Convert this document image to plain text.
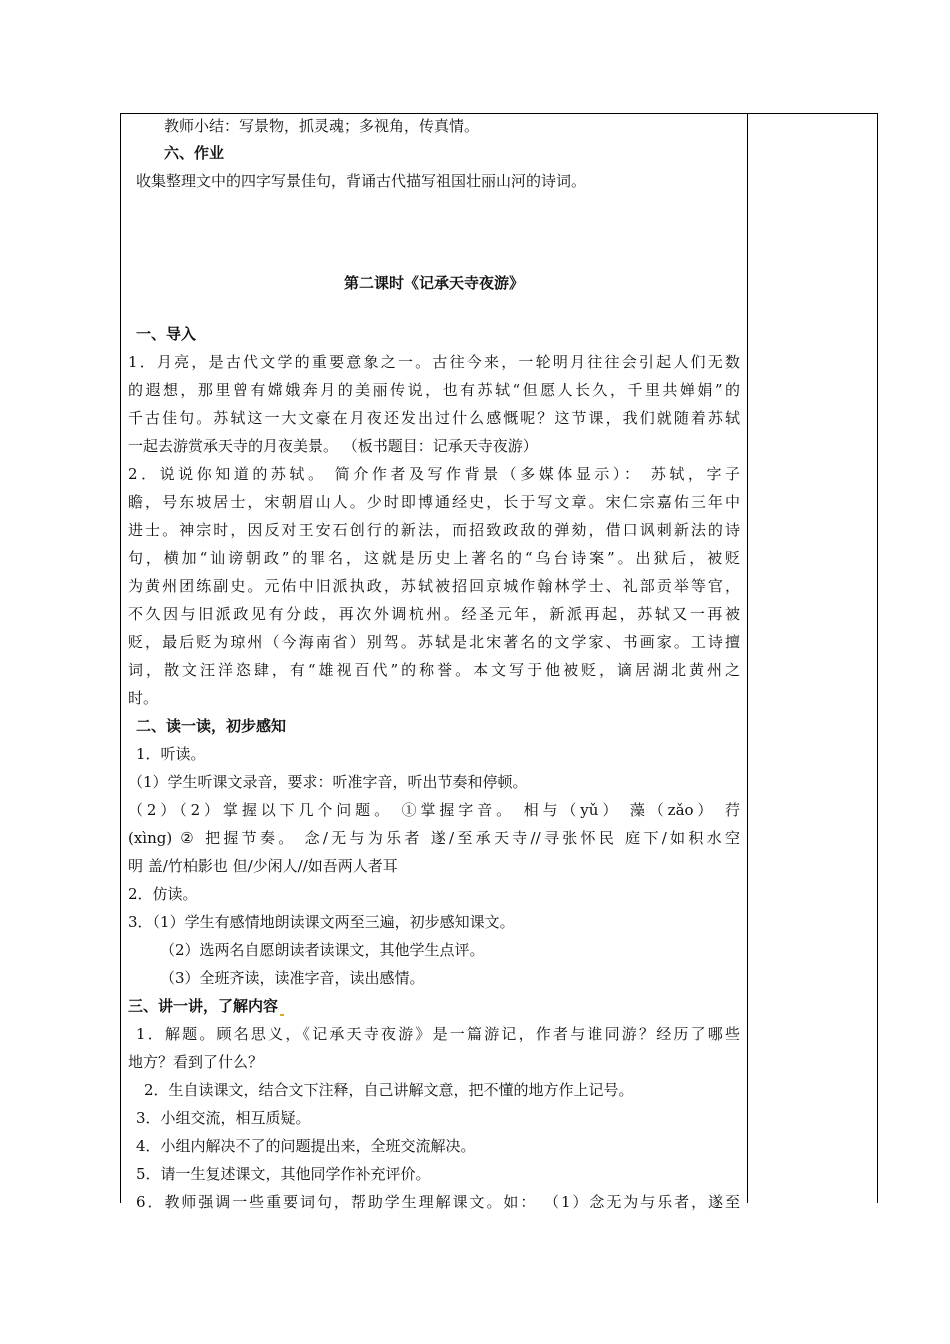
教师小结：写景物，抓灵魂；多视角，传真情。
六、作业
收集整理文中的四字写景佳句，背诵古代描写祖国壮丽山河的诗词。
第二课时《记承天寺夜游》
一、导入
1．月亮，是古代文学的重要意象之一。古往今来，一轮明月往往会引起人们无数
的遐想，那里曾有嫦娥奔月的美丽传说，也有苏轼“但愿人长久，千里共婵娟”的
千古佳句。苏轼这一大文豪在月夜还发出过什么感慨呢？这节课，我们就随着苏轼
一起去游赏承天寺的月夜美景。 （板书题目：记承天寺夜游）
2．说说你知道的苏轼。 简介作者及写作背景（多媒体显示）： 苏轼，字子
瞻，号东坡居士，宋朝眉山人。少时即博通经史，长于写文章。宋仁宗嘉佑三年中
进士。神宗时，因反对王安石创行的新法，而招致政敌的弹劾，借口讽刺新法的诗
句，横加“讪谤朝政”的罪名，这就是历史上著名的“乌台诗案”。出狱后，被贬
为黄州团练副史。元佑中旧派执政，苏轼被招回京城作翰林学士、礼部贡举等官，
不久因与旧派政见有分歧，再次外调杭州。经圣元年，新派再起，苏轼又一再被
贬，最后贬为琼州（今海南省）别驾。苏轼是北宋著名的文学家、书画家。工诗擅
词，散文汪洋恣肆，有“雄视百代”的称誉。本文写于他被贬，谪居湖北黄州之
时。
二、读一读，初步感知
1．听读。
（1）学生听课文录音，要求：听准字音，听出节奏和停顿。
（2）（2）掌握以下几个问题。 ①掌握字音。 相与（yǔ） 藻（zǎo） 荇
(xìng) ② 把握节奏。 念/无与为乐者 遂/至承天寺//寻张怀民 庭下/如积水空
明 盖/竹柏影也 但/少闲人//如吾两人者耳
2．仿读。
3．（1）学生有感情地朗读课文两至三遍，初步感知课文。
（2）选两名自愿朗读者读课文，其他学生点评。
（3）全班齐读，读准字音，读出感情。
三、讲一讲，了解内容
1．解题。顾名思义，《记承天寺夜游》是一篇游记，作者与谁同游？经历了哪些
地方？看到了什么？
2．生自读课文，结合文下注释，自己讲解文意，把不懂的地方作上记号。
3．小组交流，相互质疑。
4．小组内解决不了的问题提出来，全班交流解决。
5．请一生复述课文，其他同学作补充评价。
6．教师强调一些重要词句，帮助学生理解课文。如： （1）念无为与乐者，遂至
